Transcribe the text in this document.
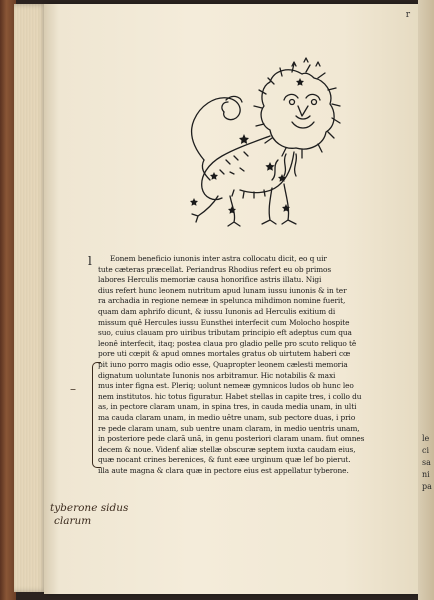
r
l	Eonem beneficio iunonis inter astra collocatu dicit, eo q uir
tute cæteras præcellat. Periandrus Rhodius refert eu ob primos
labores Herculis memoriæ causa honorifice astris illatu. Nigi
dius refert hunc leonem nutritum apud lunam iussu iunonis & in ter
ra archadia in regione nemeæ in spelunca mihdimon nomine fuerit,
quam dam aphrifo dicunt, & iussu Iunonis ad Herculis exitium di
missum quê Hercules iussu Eunsthei interfecit cum Molocho hospite
suo, cuius clauam pro uiribus tributam principio eft adeptus cum qua
leonê interfecit, itaq; postea claua pro gladio pelle pro scuto reliquo tê
pore uti cœpit & apud omnes mortales gratus ob uirtutem haberi cœ
pit iuno porro magis odio esse, Quapropter leonem cælesti memoria
dignatum uoluntate Iunonis nos arbitramur. Hic notabilis & maxi
mus inter figna est. Pleriq; uolunt nemeæ gymnicos ludos ob hunc leo
nem institutos. hic totus figuratur. Habet stellas in capite tres, i collo du
as, in pectore claram unam, in spina tres, in cauda media unam, in ulti
ma cauda claram unam, in medio uêtre unam, sub pectore duas, i prio
re pede claram unam, sub uentre unam claram, in medio uentris unam,
in posteriore pede clarã unã, in genu posteriori claram unam. fiut omnes
decem & noue. Videnť aliæ stellæ obscuræ septem iuxta caudam eius,
quæ nocant crines berenices, & funt eæe urginum quæ lef bo pierut.
illa aute magna & clara quæ in pectore eius est appellatur tyberone.
–
tyberone sidus
clarum
le
ci
sa
ni
pa
